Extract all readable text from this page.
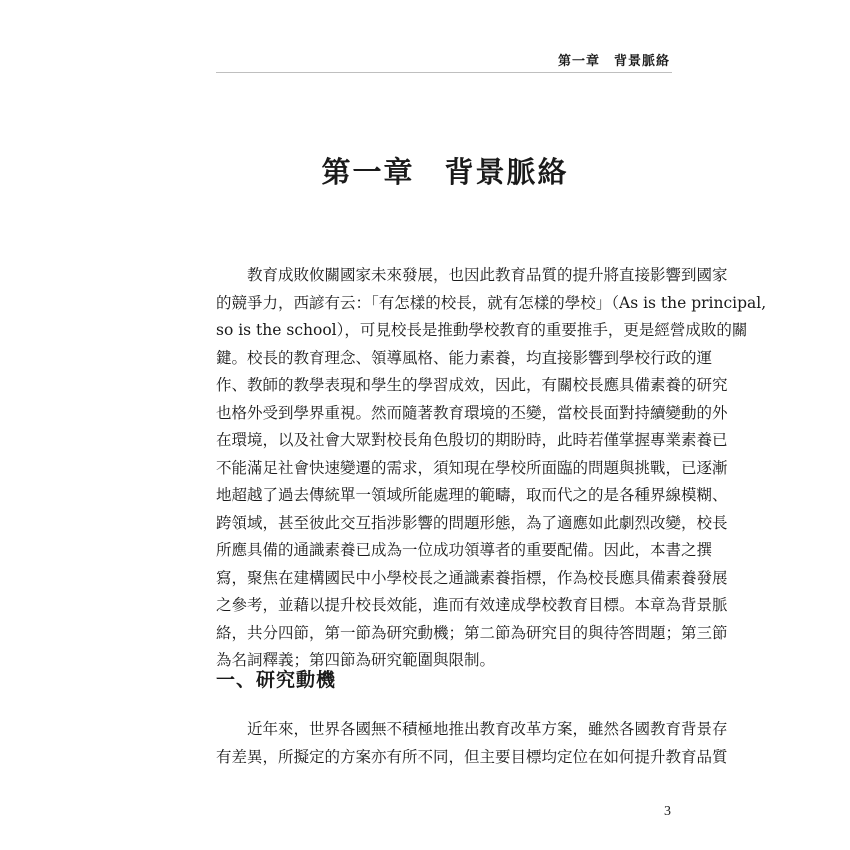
第一章　背景脈絡
第一章 背景脈絡
教育成敗攸關國家未來發展，也因此教育品質的提升將直接影響到國家
的競爭力，西諺有云：「有怎樣的校長，就有怎樣的學校」（As is the principal,
so is the school），可見校長是推動學校教育的重要推手，更是經營成敗的關
鍵。校長的教育理念、領導風格、能力素養，均直接影響到學校行政的運
作、教師的教學表現和學生的學習成效，因此，有關校長應具備素養的研究
也格外受到學界重視。然而隨著教育環境的丕變，當校長面對持續變動的外
在環境，以及社會大眾對校長角色殷切的期盼時，此時若僅掌握專業素養已
不能滿足社會快速變遷的需求，須知現在學校所面臨的問題與挑戰，已逐漸
地超越了過去傳統單一領域所能處理的範疇，取而代之的是各種界線模糊、
跨領域，甚至彼此交互指涉影響的問題形態，為了適應如此劇烈改變，校長
所應具備的通識素養已成為一位成功領導者的重要配備。因此，本書之撰
寫，聚焦在建構國民中小學校長之通識素養指標，作為校長應具備素養發展
之參考，並藉以提升校長效能，進而有效達成學校教育目標。本章為背景脈
絡，共分四節，第一節為研究動機；第二節為研究目的與待答問題；第三節
為名詞釋義；第四節為研究範圍與限制。
一、研究動機
近年來，世界各國無不積極地推出教育改革方案，雖然各國教育背景存
有差異，所擬定的方案亦有所不同，但主要目標均定位在如何提升教育品質
3
